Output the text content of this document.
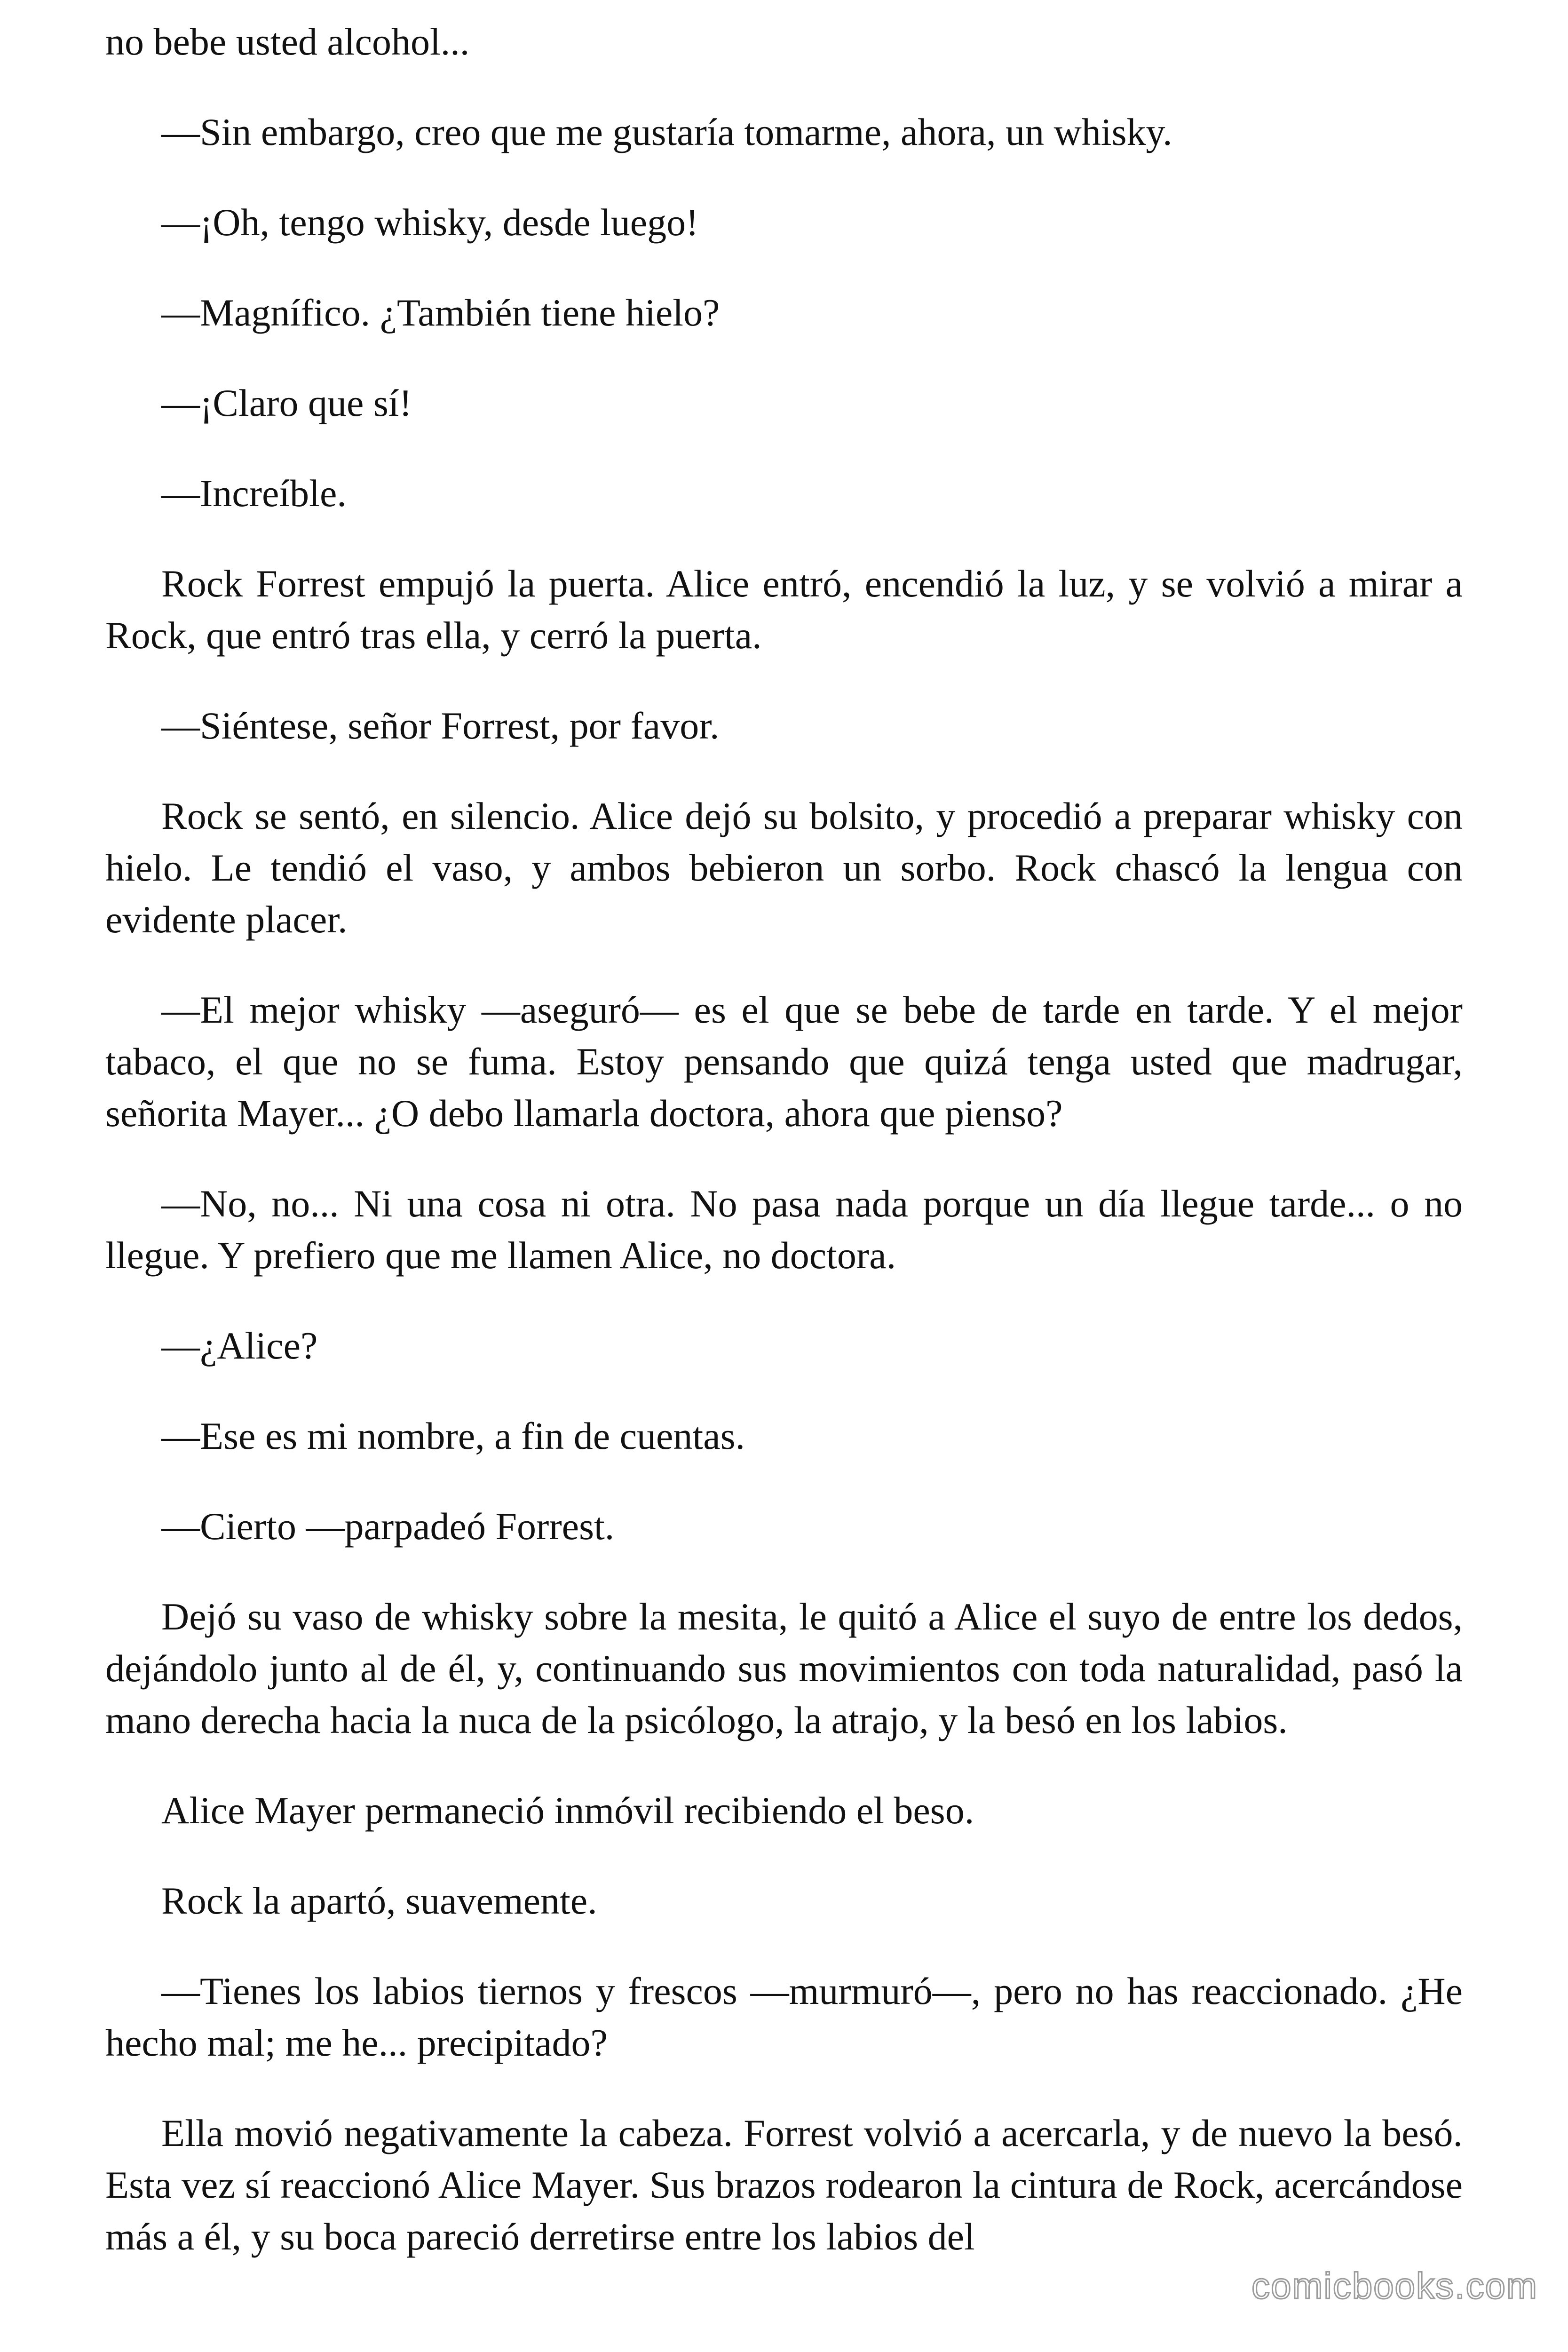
no bebe usted alcohol...

—Sin embargo, creo que me gustaría tomarme, ahora, un whisky.

—¡Oh, tengo whisky, desde luego!

—Magnífico. ¿También tiene hielo?

—¡Claro que sí!

—Increíble.

Rock Forrest empujó la puerta. Alice entró, encendió la luz, y se volvió a mirar a Rock, que entró tras ella, y cerró la puerta.

—Siéntese, señor Forrest, por favor.

Rock se sentó, en silencio. Alice dejó su bolsito, y procedió a preparar whisky con hielo. Le tendió el vaso, y ambos bebieron un sorbo. Rock chascó la lengua con evidente placer.

—El mejor whisky —aseguró— es el que se bebe de tarde en tarde. Y el mejor tabaco, el que no se fuma. Estoy pensando que quizá tenga usted que madrugar, señorita Mayer... ¿O debo llamarla doctora, ahora que pienso?

—No, no... Ni una cosa ni otra. No pasa nada porque un día llegue tarde... o no llegue. Y prefiero que me llamen Alice, no doctora.

—¿Alice?

—Ese es mi nombre, a fin de cuentas.

—Cierto —parpadeó Forrest.

Dejó su vaso de whisky sobre la mesita, le quitó a Alice el suyo de entre los dedos, dejándolo junto al de él, y, continuando sus movimientos con toda naturalidad, pasó la mano derecha hacia la nuca de la psicólogo, la atrajo, y la besó en los labios.

Alice Mayer permaneció inmóvil recibiendo el beso.

Rock la apartó, suavemente.

—Tienes los labios tiernos y frescos —murmuró—, pero no has reaccionado. ¿He hecho mal; me he... precipitado?

Ella movió negativamente la cabeza. Forrest volvió a acercarla, y de nuevo la besó. Esta vez sí reaccionó Alice Mayer. Sus brazos rodearon la cintura de Rock, acercándose más a él, y su boca pareció derretirse entre los labios del

comicbooks.com
